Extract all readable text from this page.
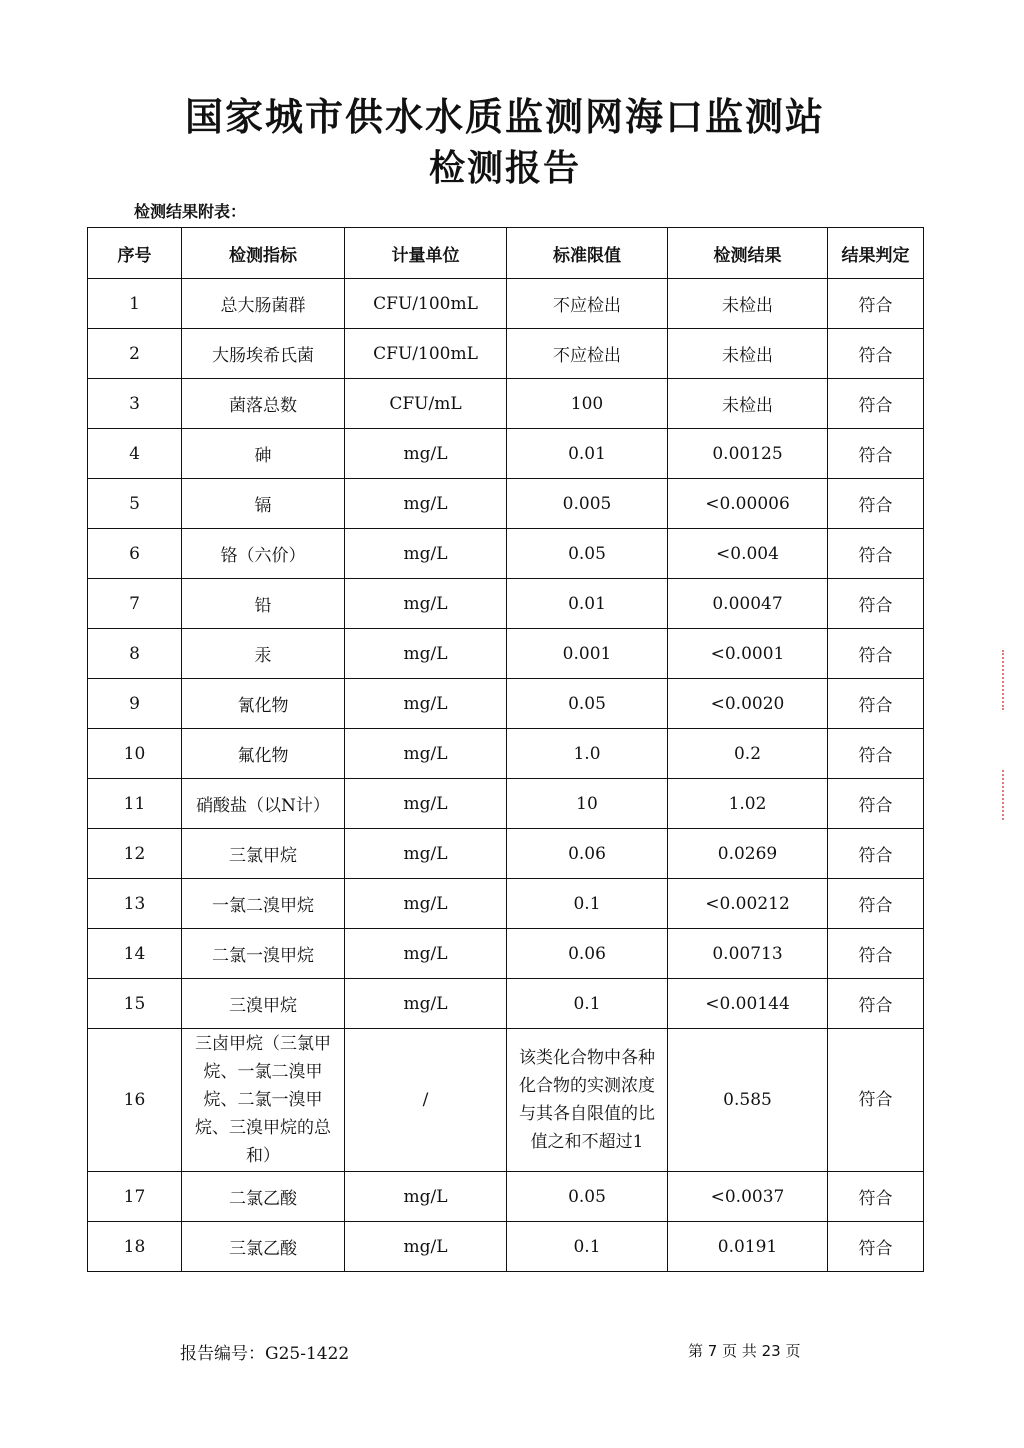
国家城市供水水质监测网海口监测站
检测报告
检测结果附表：
序号	检测指标	计量单位	标准限值	检测结果	结果判定
1	总大肠菌群	CFU/100mL	不应检出	未检出	符合
2	大肠埃希氏菌	CFU/100mL	不应检出	未检出	符合
3	菌落总数	CFU/mL	100	未检出	符合
4	砷	mg/L	0.01	0.00125	符合
5	镉	mg/L	0.005	<0.00006	符合
6	铬（六价）	mg/L	0.05	<0.004	符合
7	铅	mg/L	0.01	0.00047	符合
8	汞	mg/L	0.001	<0.0001	符合
9	氰化物	mg/L	0.05	<0.0020	符合
10	氟化物	mg/L	1.0	0.2	符合
11	硝酸盐（以N计）	mg/L	10	1.02	符合
12	三氯甲烷	mg/L	0.06	0.0269	符合
13	一氯二溴甲烷	mg/L	0.1	<0.00212	符合
14	二氯一溴甲烷	mg/L	0.06	0.00713	符合
15	三溴甲烷	mg/L	0.1	<0.00144	符合
16	三卤甲烷（三氯甲烷、一氯二溴甲烷、二氯一溴甲烷、三溴甲烷的总和）	/	该类化合物中各种化合物的实测浓度与其各自限值的比值之和不超过1	0.585	符合
17	二氯乙酸	mg/L	0.05	<0.0037	符合
18	三氯乙酸	mg/L	0.1	0.0191	符合
报告编号：G25-1422	第 7 页 共 23 页
